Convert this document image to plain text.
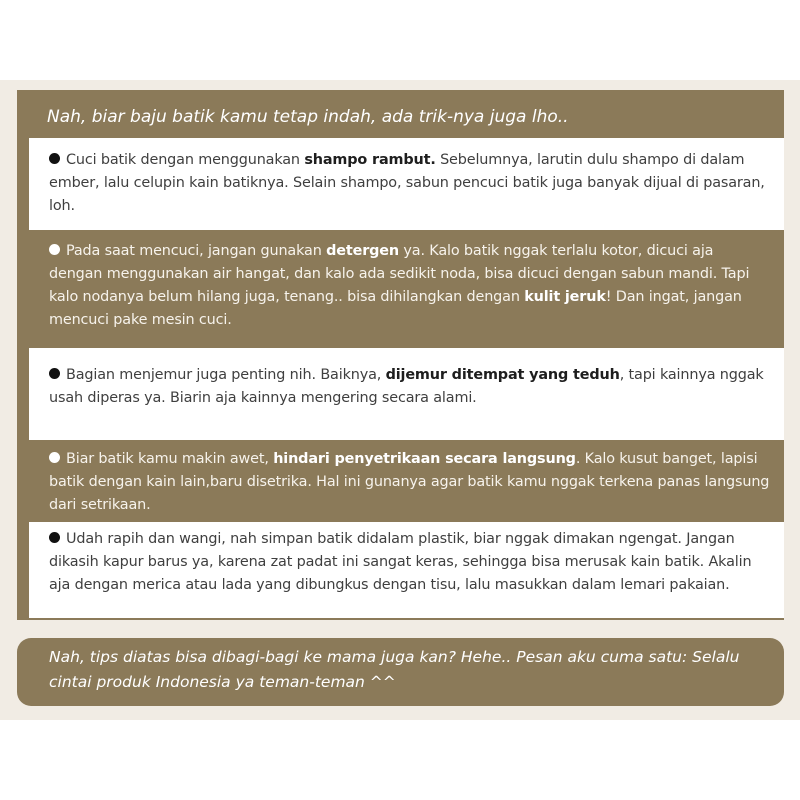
Nah, biar baju batik kamu tetap indah, ada trik-nya juga lho..
Cuci batik dengan menggunakan shampo rambut. Sebelumnya, larutin dulu shampo di dalam ember, lalu celupin kain batiknya. Selain shampo, sabun pencuci batik juga banyak dijual di pasaran, loh.
Pada saat mencuci, jangan gunakan detergen ya. Kalo batik nggak terlalu kotor, dicuci aja dengan menggunakan air hangat, dan kalo ada sedikit noda, bisa dicuci dengan sabun mandi. Tapi kalo nodanya belum hilang juga, tenang.. bisa dihilangkan dengan kulit jeruk! Dan ingat, jangan mencuci pake mesin cuci.
Bagian menjemur juga penting nih. Baiknya, dijemur ditempat yang teduh, tapi kainnya nggak usah diperas ya. Biarin aja kainnya mengering secara alami.
Biar batik kamu makin awet, hindari penyetrikaan secara langsung. Kalo kusut banget, lapisi batik dengan kain lain,baru disetrika. Hal ini gunanya agar batik kamu nggak terkena panas langsung dari setrikaan.
Udah rapih dan wangi, nah simpan batik didalam plastik, biar nggak dimakan ngengat. Jangan dikasih kapur barus ya, karena zat padat ini sangat keras, sehingga bisa merusak kain batik. Akalin aja dengan merica atau lada yang dibungkus dengan tisu, lalu masukkan dalam lemari pakaian.
Nah, tips diatas bisa dibagi-bagi ke mama juga kan? Hehe.. Pesan aku cuma satu: Selalu cintai produk Indonesia ya teman-teman ^^
